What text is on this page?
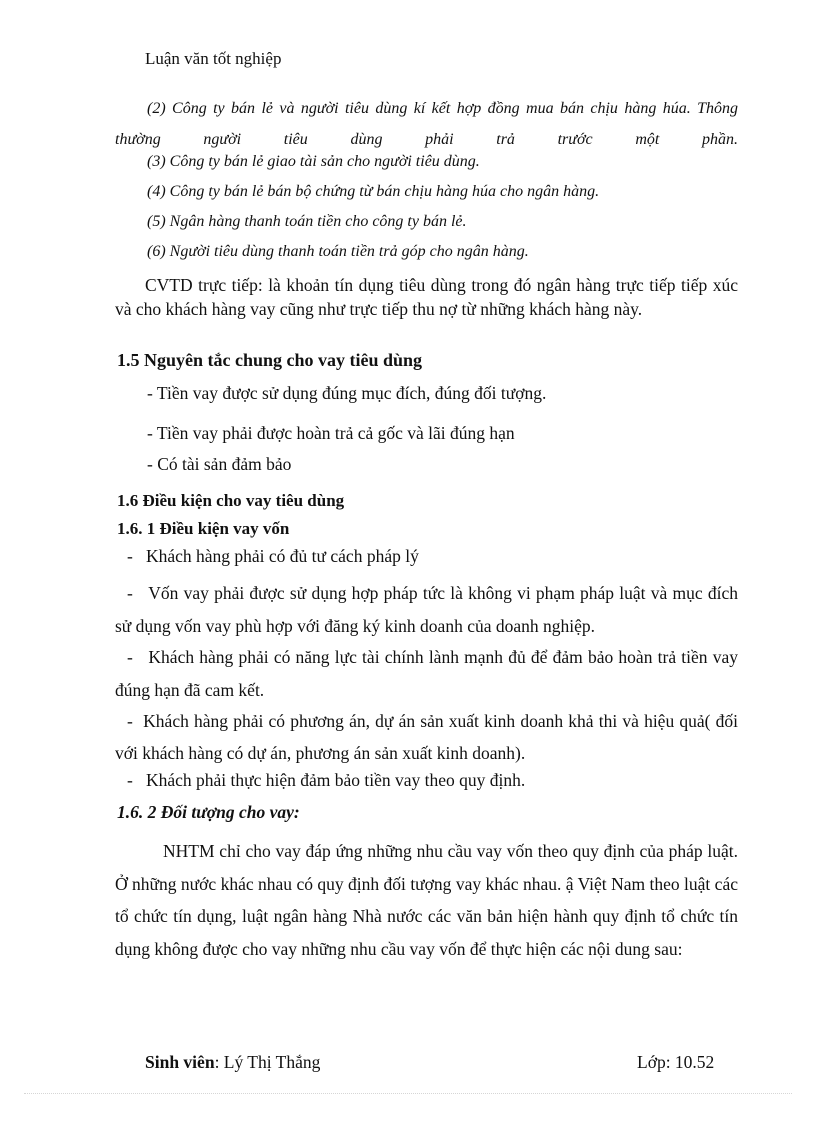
Luận văn tốt nghiệp
(2) Công ty bán lẻ và người tiêu dùng kí kết hợp đồng mua bán chịu hàng húa. Thông thường người tiêu dùng phải trả trước một phần.
(3) Công ty bán lẻ giao tài sản cho người tiêu dùng.
(4) Công ty bán lẻ bán bộ chứng từ bán chịu hàng húa cho ngân hàng.
(5) Ngân hàng thanh toán tiền cho công ty bán lẻ.
(6) Người tiêu dùng thanh toán tiền trả góp cho ngân hàng.
CVTD trực tiếp: là khoản tín dụng tiêu dùng trong đó ngân hàng trực tiếp tiếp xúc và cho khách hàng vay cũng như trực tiếp thu nợ từ những khách hàng này.
1.5 Nguyên tắc chung cho vay tiêu dùng
- Tiền vay được sử dụng đúng mục đích, đúng đối tượng.
- Tiền vay phải được hoàn trả cả gốc và lãi đúng hạn
- Có tài sản đảm bảo
1.6 Điều kiện cho vay tiêu dùng
1.6. 1 Điều kiện vay vốn
-   Khách hàng phải có đủ tư cách pháp lý
-   Vốn vay phải được sử dụng hợp pháp tức là không vi phạm pháp luật và mục đích sử dụng vốn vay phù hợp với đăng ký kinh doanh của doanh nghiệp.
-   Khách hàng phải có năng lực tài chính lành mạnh đủ để đảm bảo hoàn trả tiền vay đúng hạn đã cam kết.
-  Khách hàng phải có phương án, dự án sản xuất kinh doanh khả thi và hiệu quả( đối với khách hàng có dự án, phương án sản xuất kinh doanh).
-   Khách phải thực hiện đảm bảo tiền vay theo quy định.
1.6. 2 Đối tượng cho vay:
NHTM chỉ cho vay đáp ứng những nhu cầu vay vốn theo quy định của pháp luật. Ở những nước khác nhau có quy định đối tượng vay khác nhau. ậ Việt Nam theo luật các tổ chức tín dụng, luật ngân hàng Nhà nước các văn bản hiện hành quy định tổ chức tín dụng không được cho vay những nhu cầu vay vốn để thực hiện các nội dung sau:
Sinh viên: Lý Thị Thắng	Lớp: 10.52
